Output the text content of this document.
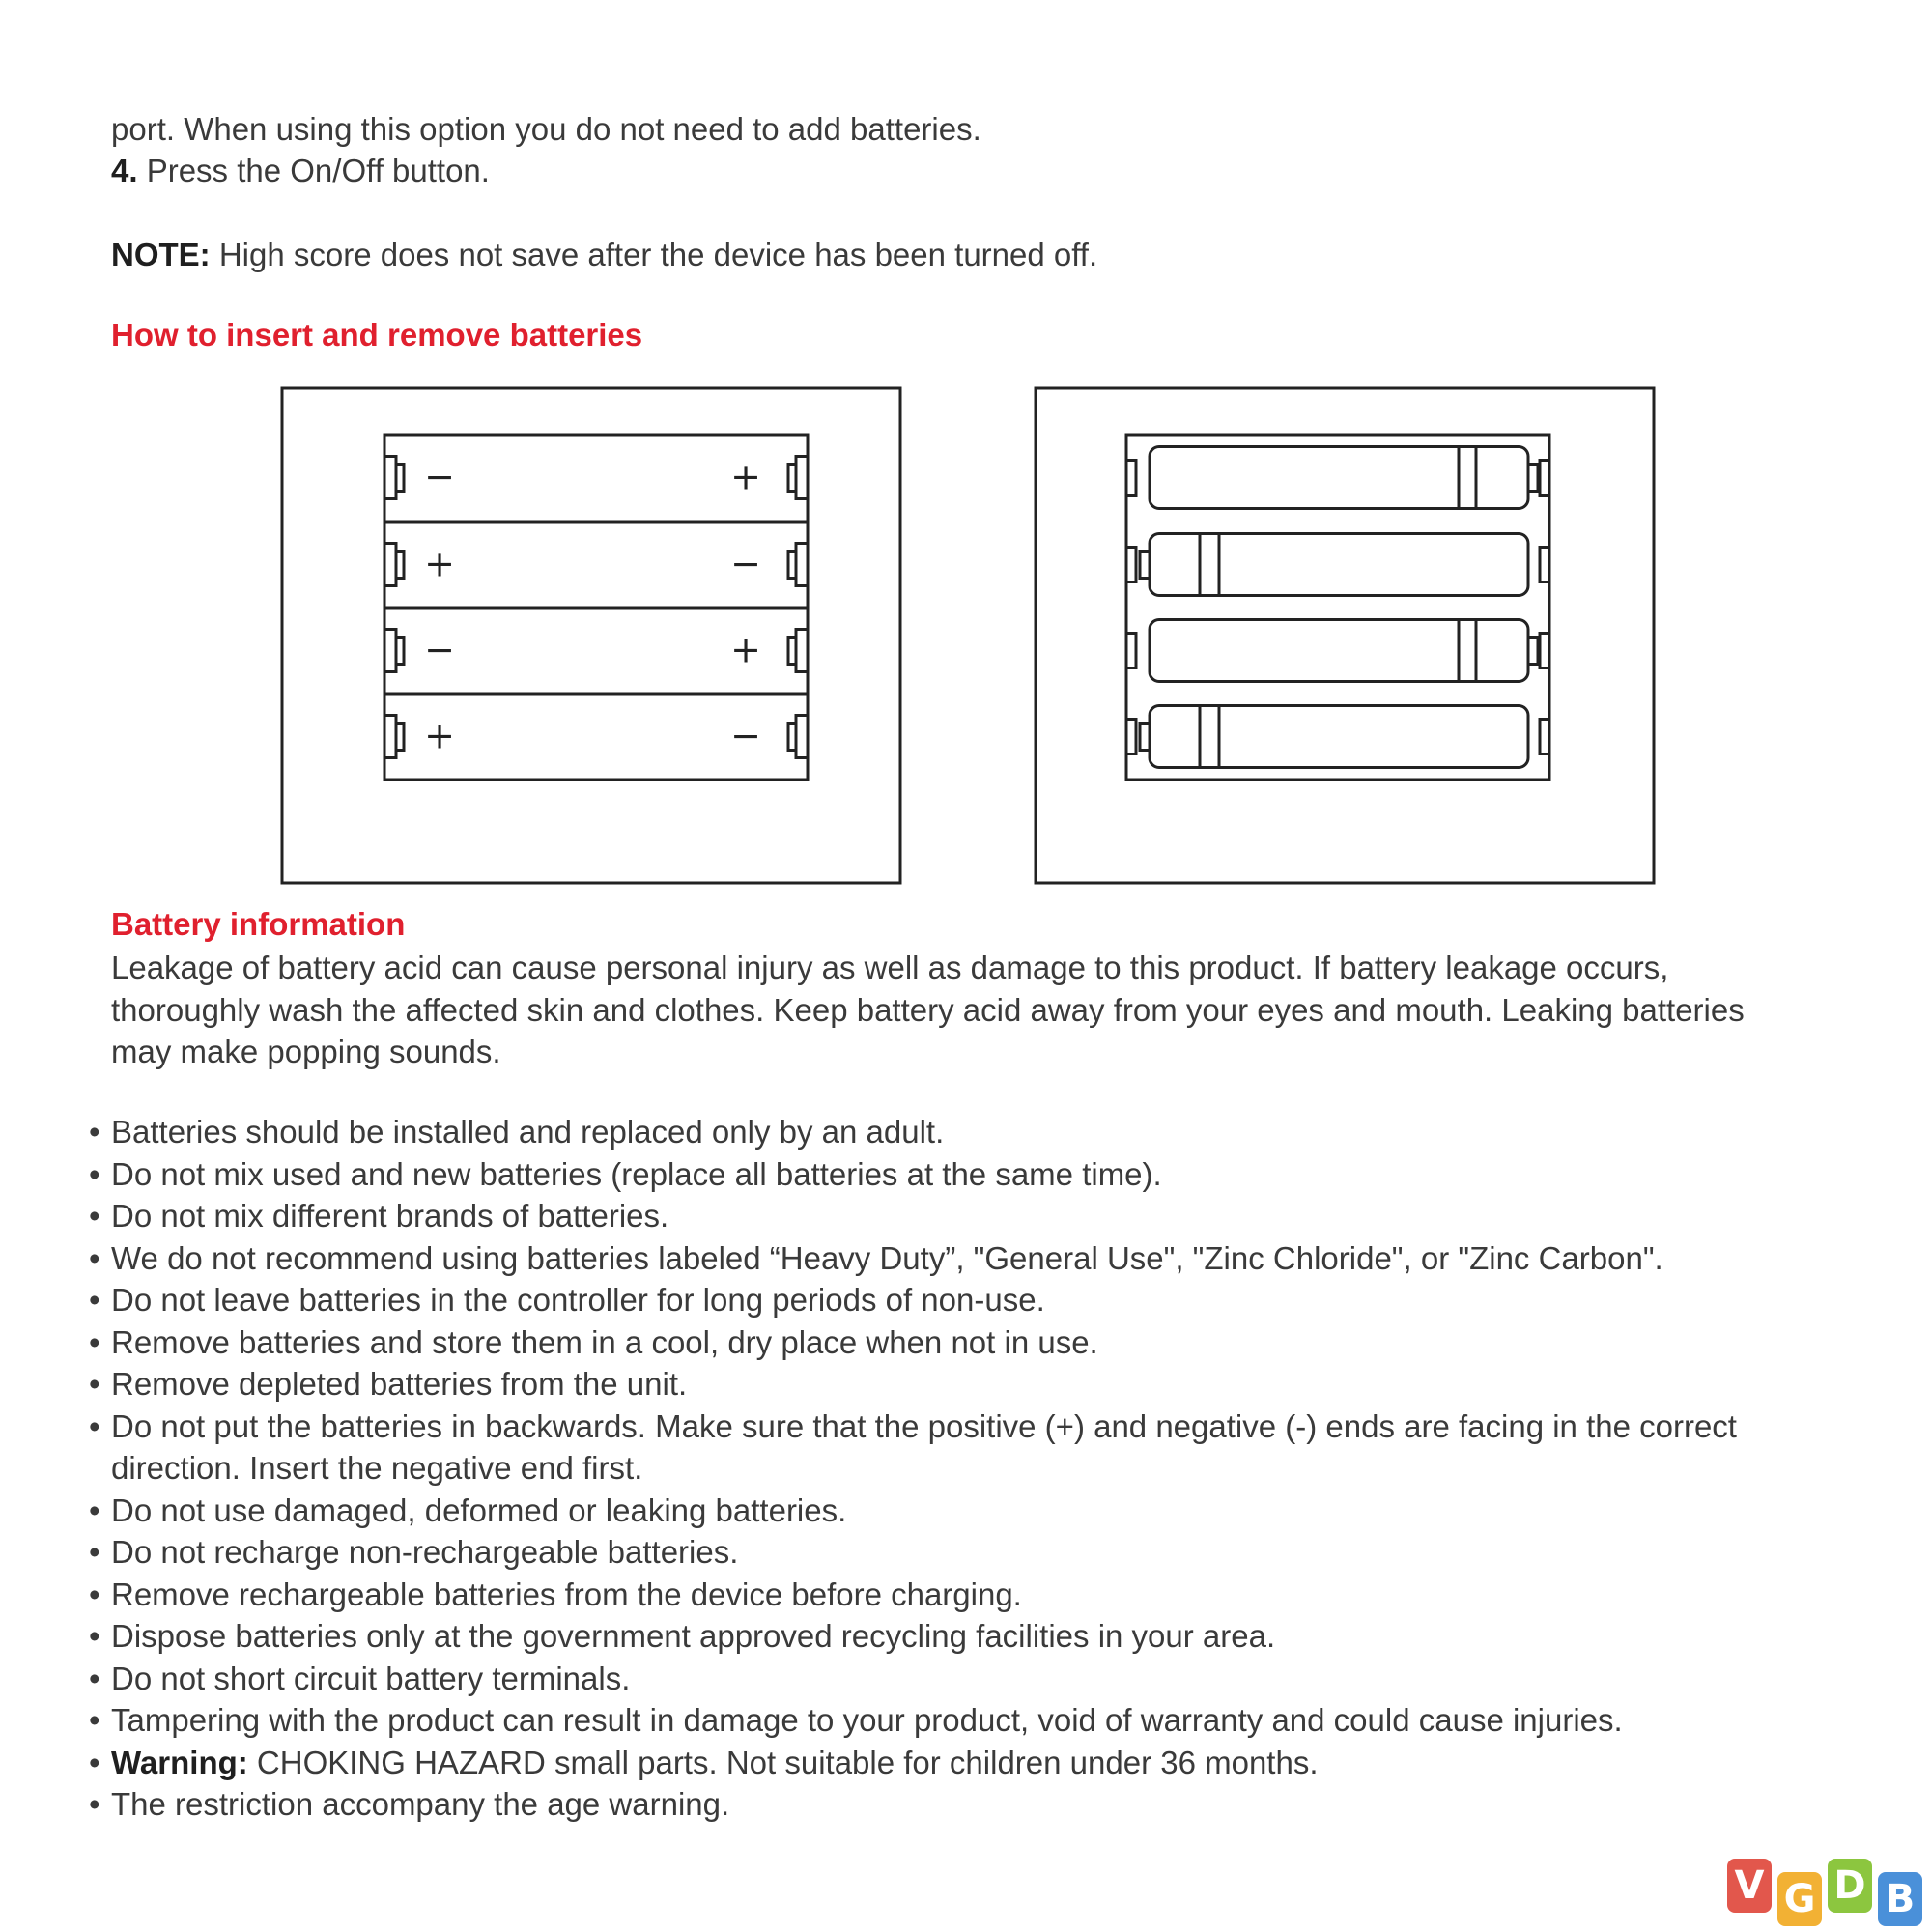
port. When using this option you do not need to add batteries.
4. Press the On/Off button.
NOTE: High score does not save after the device has been turned off.
How to insert and remove batteries
−	+
+	−
−	+
+	−
Battery information
Leakage of battery acid can cause personal injury as well as damage to this product. If battery leakage occurs, thoroughly wash the affected skin and clothes. Keep battery acid away from your eyes and mouth. Leaking batteries may make popping sounds.
• Batteries should be installed and replaced only by an adult.
• Do not mix used and new batteries (replace all batteries at the same time).
• Do not mix different brands of batteries.
• We do not recommend using batteries labeled “Heavy Duty”, "General Use", "Zinc Chloride", or "Zinc Carbon".
• Do not leave batteries in the controller for long periods of non-use.
• Remove batteries and store them in a cool, dry place when not in use.
• Remove depleted batteries from the unit.
• Do not put the batteries in backwards. Make sure that the positive (+) and negative (-) ends are facing in the correct direction. Insert the negative end first.
• Do not use damaged, deformed or leaking batteries.
• Do not recharge non-rechargeable batteries.
• Remove rechargeable batteries from the device before charging.
• Dispose batteries only at the government approved recycling facilities in your area.
• Do not short circuit battery terminals.
• Tampering with the product can result in damage to your product, void of warranty and could cause injuries.
• Warning: CHOKING HAZARD small parts. Not suitable for children under 36 months.
• The restriction accompany the age warning.
V G D B
